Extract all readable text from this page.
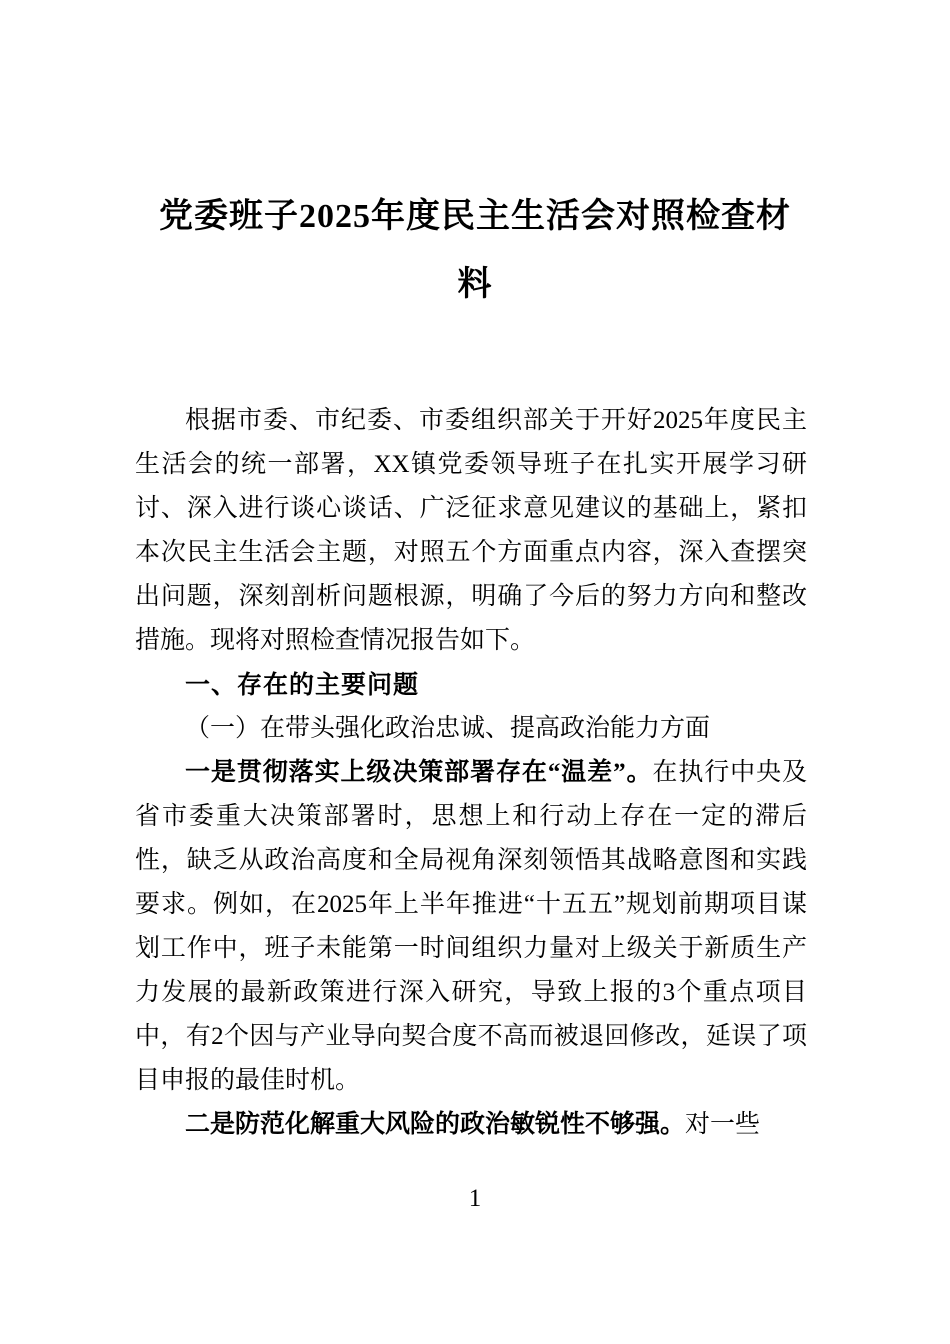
党委班子2025年度民主生活会对照检查材料

根据市委、市纪委、市委组织部关于开好2025年度民主生活会的统一部署，XX镇党委领导班子在扎实开展学习研讨、深入进行谈心谈话、广泛征求意见建议的基础上，紧扣本次民主生活会主题，对照五个方面重点内容，深入查摆突出问题，深刻剖析问题根源，明确了今后的努力方向和整改措施。现将对照检查情况报告如下。

一、存在的主要问题
（一）在带头强化政治忠诚、提高政治能力方面

一是贯彻落实上级决策部署存在“温差”。在执行中央及省市委重大决策部署时，思想上和行动上存在一定的滞后性，缺乏从政治高度和全局视角深刻领悟其战略意图和实践要求。例如，在2025年上半年推进“十五五”规划前期项目谋划工作中，班子未能第一时间组织力量对上级关于新质生产力发展的最新政策进行深入研究，导致上报的3个重点项目中，有2个因与产业导向契合度不高而被退回修改，延误了项目申报的最佳时机。

二是防范化解重大风险的政治敏锐性不够强。对一些

1
